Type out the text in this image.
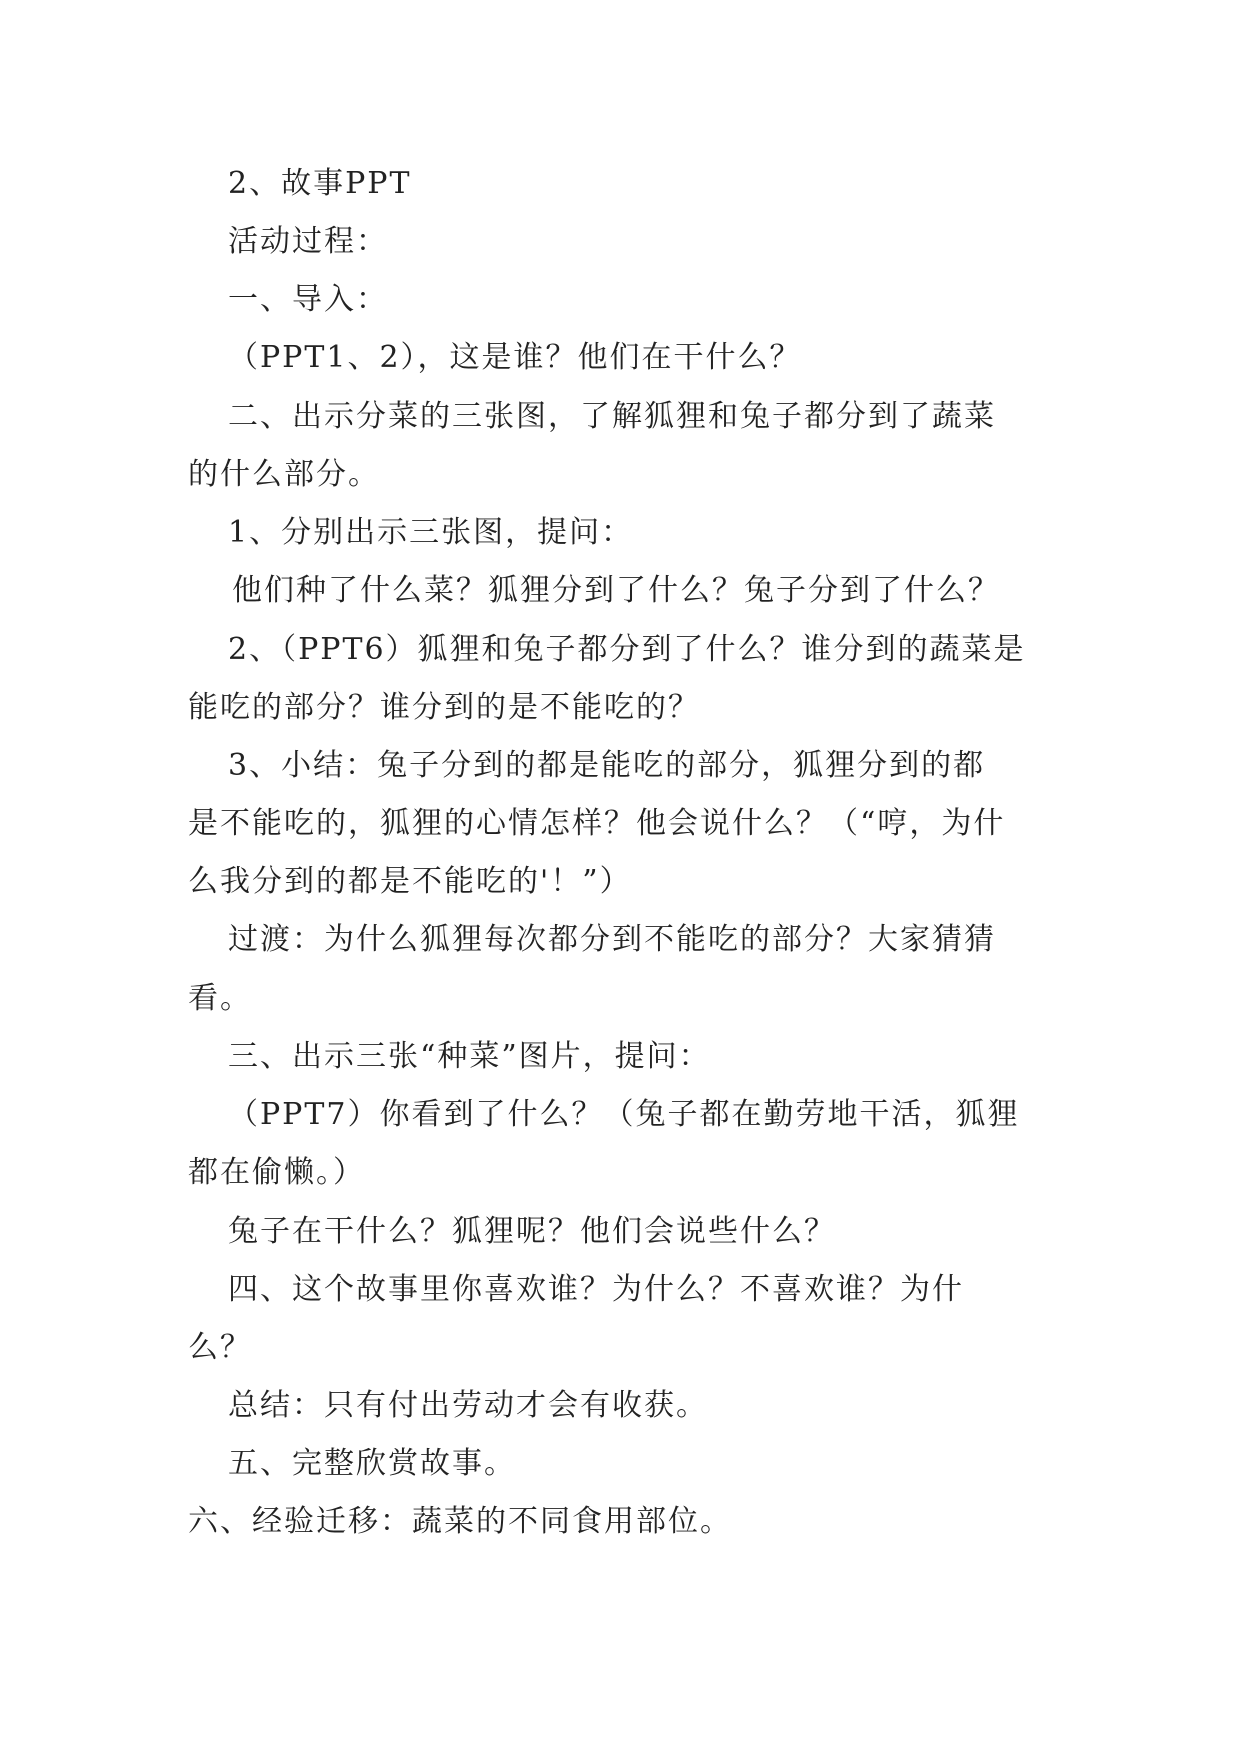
2、故事PPT
活动过程：
一、导入：
（PPT1、2），这是谁？他们在干什么？
二、出示分菜的三张图，了解狐狸和兔子都分到了蔬菜
的什么部分。
1、分别出示三张图，提问：
他们种了什么菜？狐狸分到了什么？兔子分到了什么？
2、（PPT6）狐狸和兔子都分到了什么？谁分到的蔬菜是
能吃的部分？谁分到的是不能吃的？
3、小结：兔子分到的都是能吃的部分，狐狸分到的都
是不能吃的，狐狸的心情怎样？他会说什么？（“哼，为什
么我分到的都是不能吃的'！”）
过渡：为什么狐狸每次都分到不能吃的部分？大家猜猜
看。
三、出示三张“种菜”图片，提问：
（PPT7）你看到了什么？（兔子都在勤劳地干活，狐狸
都在偷懒。）
兔子在干什么？狐狸呢？他们会说些什么？
四、这个故事里你喜欢谁？为什么？不喜欢谁？为什
么？
总结：只有付出劳动才会有收获。
五、完整欣赏故事。
六、经验迁移：蔬菜的不同食用部位。
